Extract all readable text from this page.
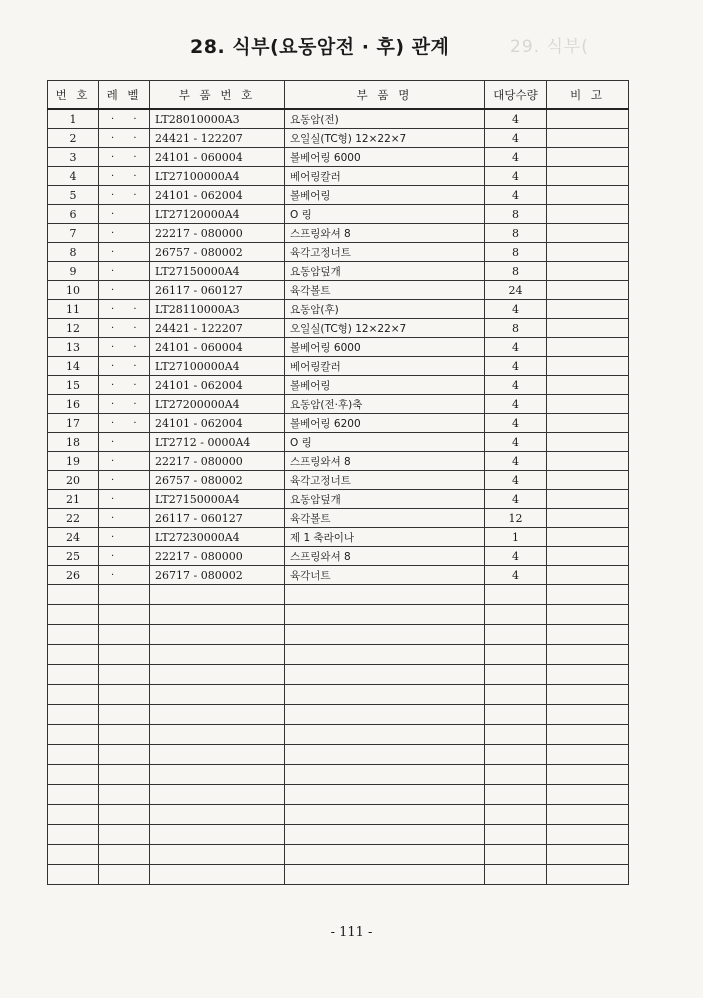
29. 식부(
28. 식부(요동암전 · 후) 관계
번 호	레 벨	부 품 번 호	부 품 명	대당수량	비 고
1	· ·	LT28010000A3	요동암(전)	4	
2	· ·	24421 - 122207	오일실(TC형) 12×22×7	4	
3	· ·	24101 - 060004	볼베어링 6000	4	
4	· ·	LT27100000A4	베어링칼러	4	
5	· ·	24101 - 062004	볼베어링	4	
6	·	LT27120000A4	O 링	8	
7	·	22217 - 080000	스프링와셔 8	8	
8	·	26757 - 080002	육각고정너트	8	
9	·	LT27150000A4	요동암덮개	8	
10	·	26117 - 060127	육각볼트	24	
11	· ·	LT28110000A3	요동암(후)	4	
12	· ·	24421 - 122207	오일실(TC형) 12×22×7	8	
13	· ·	24101 - 060004	볼베어링 6000	4	
14	· ·	LT27100000A4	베어링칼러	4	
15	· ·	24101 - 062004	볼베어링	4	
16	· ·	LT27200000A4	요동암(전·후)축	4	
17	· ·	24101 - 062004	볼베어링 6200	4	
18	·	LT2712 - 0000A4	O 링	4	
19	·	22217 - 080000	스프링와셔 8	4	
20	·	26757 - 080002	육각고정너트	4	
21	·	LT27150000A4	요동암덮개	4	
22	·	26117 - 060127	육각볼트	12	
24	·	LT27230000A4	제 1 축라이나	1	
25	·	22217 - 080000	스프링와셔 8	4	
26	·	26717 - 080002	육각너트	4	

- 111 -
